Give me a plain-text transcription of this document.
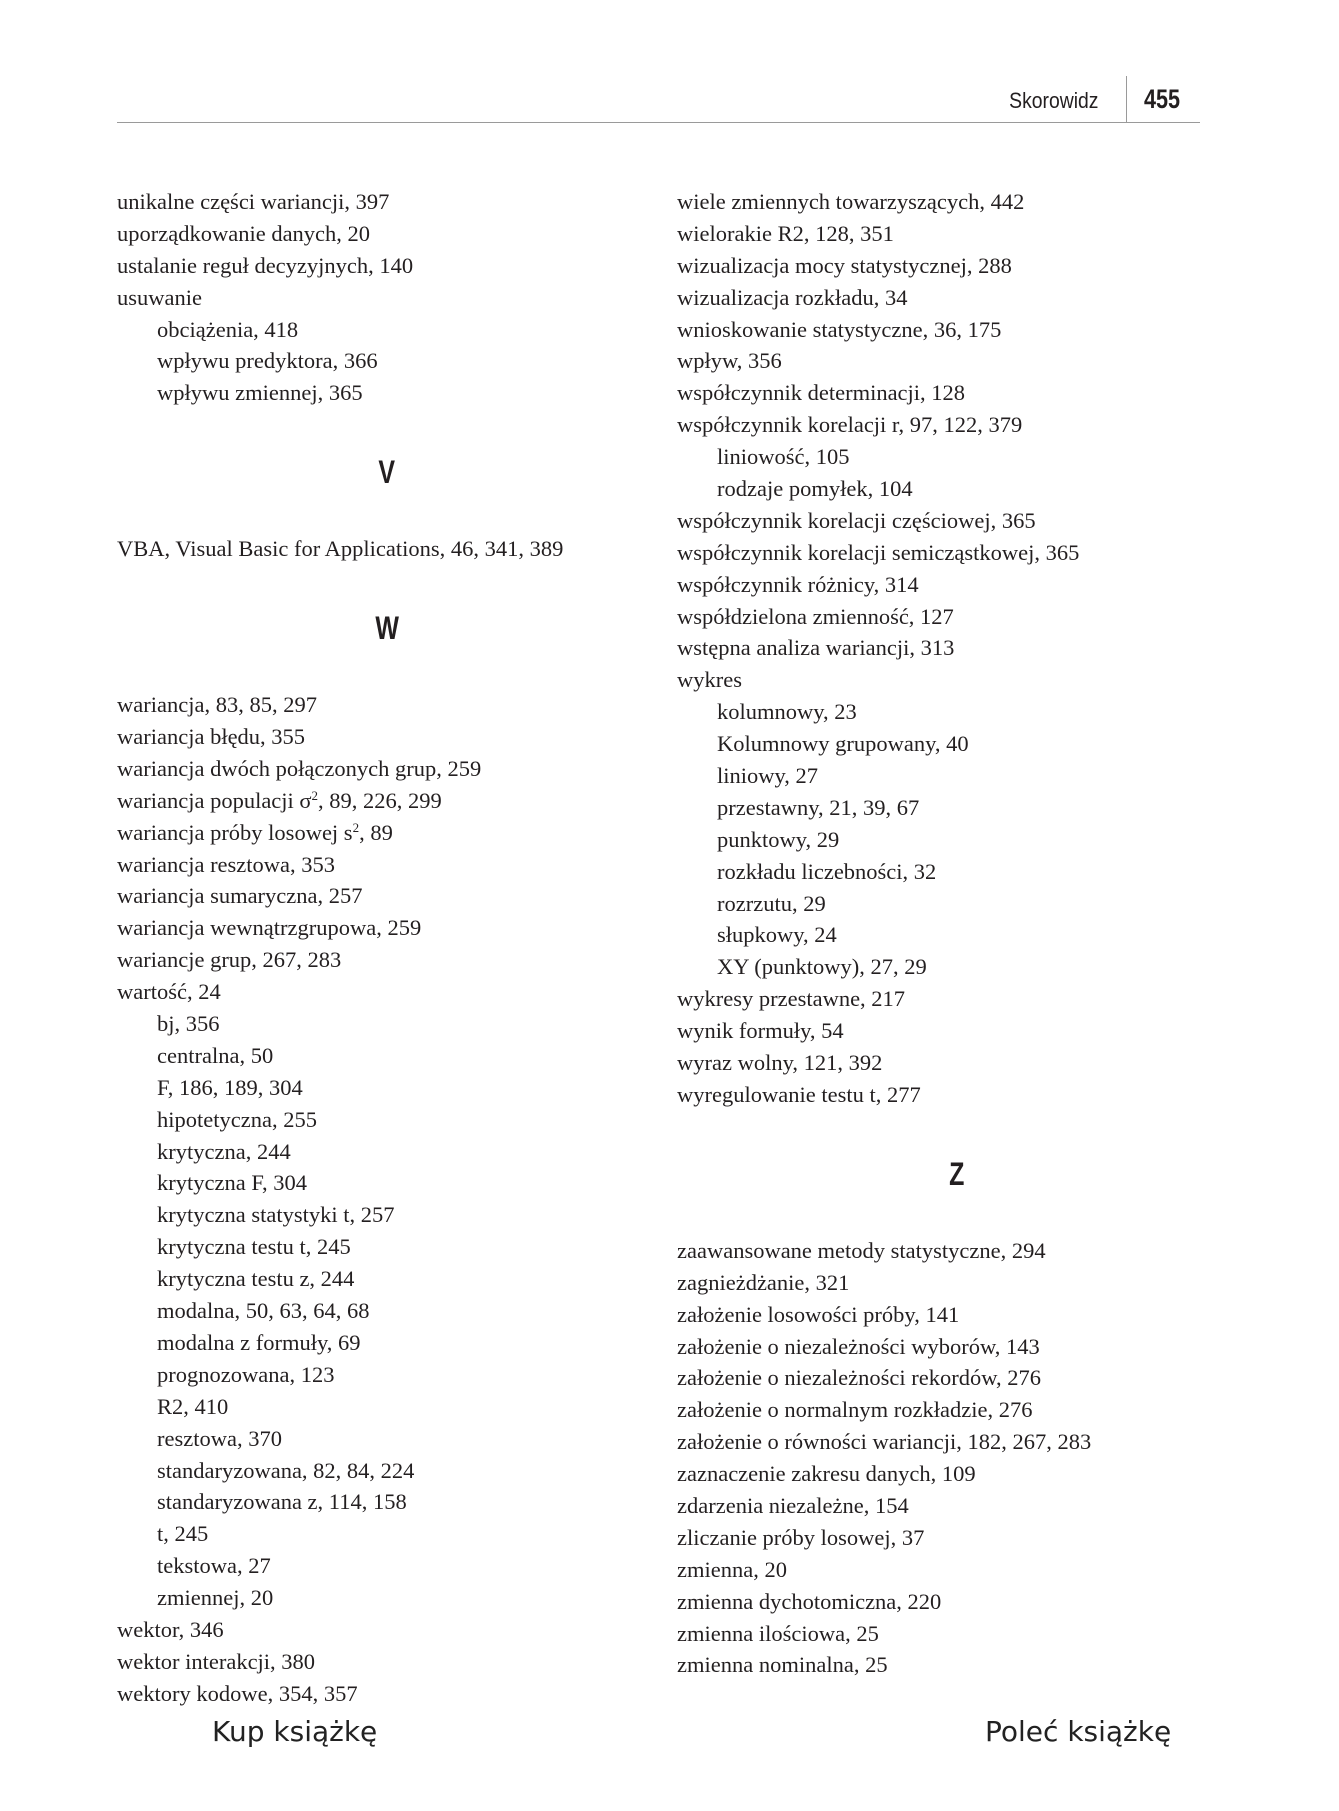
Skorowidz 455
unikalne części wariancji, 397
uporządkowanie danych, 20
ustalanie reguł decyzyjnych, 140
usuwanie
obciążenia, 418
wpływu predyktora, 366
wpływu zmiennej, 365
V
VBA, Visual Basic for Applications, 46, 341, 389
W
wariancja, 83, 85, 297
wariancja błędu, 355
wariancja dwóch połączonych grup, 259
wariancja populacji $\sigma^2$, 89, 226, 299
wariancja próby losowej $s^2$, 89
wariancja resztowa, 353
wariancja sumaryczna, 257
wariancja wewnątrzgrupowa, 259
wariancje grup, 267, 283
wartość, 24
bj, 356
centralna, 50
F, 186, 189, 304
hipotetyczna, 255
krytyczna, 244
krytyczna F, 304
krytyczna statystyki t, 257
krytyczna testu t, 245
krytyczna testu z, 244
modalna, 50, 63, 64, 68
modalna z formuły, 69
prognozowana, 123
R2, 410
resztowa, 370
standaryzowana, 82, 84, 224
standaryzowana z, 114, 158
t, 245
tekstowa, 27
zmiennej, 20
wektor, 346
wektor interakcji, 380
wektory kodowe, 354, 357
wiele zmiennych towarzyszących, 442
wielorakie R2, 128, 351
wizualizacja mocy statystycznej, 288
wizualizacja rozkładu, 34
wnioskowanie statystyczne, 36, 175
wpływ, 356
współczynnik determinacji, 128
współczynnik korelacji r, 97, 122, 379
liniowość, 105
rodzaje pomyłek, 104
współczynnik korelacji częściowej, 365
współczynnik korelacji semicząstkowej, 365
współczynnik różnicy, 314
współdzielona zmienność, 127
wstępna analiza wariancji, 313
wykres
kolumnowy, 23
Kolumnowy grupowany, 40
liniowy, 27
przestawny, 21, 39, 67
punktowy, 29
rozkładu liczebności, 32
rozrzutu, 29
słupkowy, 24
XY (punktowy), 27, 29
wykresy przestawne, 217
wynik formuły, 54
wyraz wolny, 121, 392
wyregulowanie testu t, 277
Z
zaawansowane metody statystyczne, 294
zagnieżdżanie, 321
założenie losowości próby, 141
założenie o niezależności wyborów, 143
założenie o niezależności rekordów, 276
założenie o normalnym rozkładzie, 276
założenie o równości wariancji, 182, 267, 283
zaznaczenie zakresu danych, 109
zdarzenia niezależne, 154
zliczanie próby losowej, 37
zmienna, 20
zmienna dychotomiczna, 220
zmienna ilościowa, 25
zmienna nominalna, 25
Kup książkę	Poleć książkę
